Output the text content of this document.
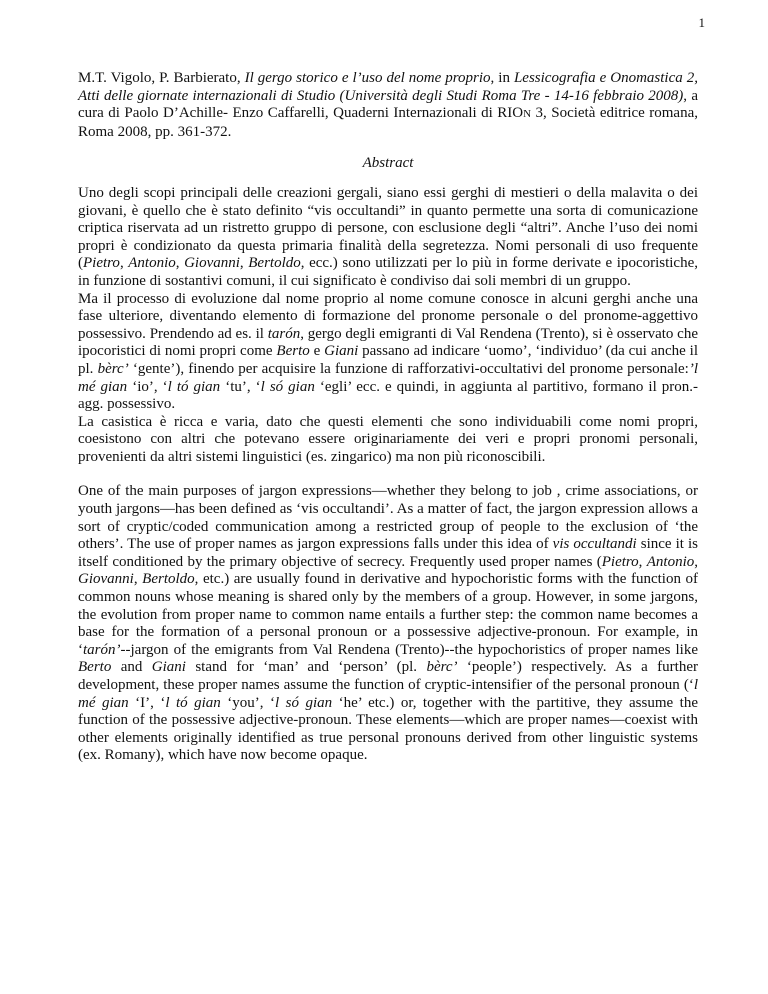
1

M.T. Vigolo, P. Barbierato, Il gergo storico e l’uso del nome proprio, in Lessicografia e Onomastica 2, Atti delle giornate internazionali di Studio (Università degli Studi Roma Tre - 14-16 febbraio 2008), a cura di Paolo D’Achille- Enzo Caffarelli, Quaderni Internazionali di RION 3, Società editrice romana, Roma 2008, pp. 361-372.

Abstract

Uno degli scopi principali delle creazioni gergali, siano essi gerghi di mestieri o della malavita o dei giovani, è quello che è stato definito “vis occultandi” in quanto permette una sorta di comunicazione criptica riservata ad un ristretto gruppo di persone, con esclusione degli “altri”. Anche l’uso dei nomi propri è condizionato da questa primaria finalità della segretezza. Nomi personali di uso frequente (Pietro, Antonio, Giovanni, Bertoldo, ecc.) sono utilizzati per lo più in forme derivate e ipocoristiche, in funzione di sostantivi comuni, il cui significato è condiviso dai soli membri di un gruppo.

Ma il processo di evoluzione dal nome proprio al nome comune conosce in alcuni gerghi anche una fase ulteriore, diventando elemento di formazione del pronome personale o del pronome-aggettivo possessivo. Prendendo ad es. il tarón, gergo degli emigranti di Val Rendena (Trento), si è osservato che ipocoristici di nomi propri come Berto e Giani passano ad indicare ‘uomo’, ‘individuo’ (da cui anche il pl. bèrc’ ‘gente’), finendo per acquisire la funzione di rafforzativi-occultativi del pronome personale:’l mé gian ‘io’, ‘l tó gian ‘tu’, ‘l só gian ‘egli’ ecc. e quindi, in aggiunta al partitivo, formano il pron.-agg. possessivo.

La casistica è ricca e varia, dato che questi elementi che sono individuabili come nomi propri, coesistono con altri che potevano essere originariamente dei veri e propri pronomi personali, provenienti da altri sistemi linguistici (es. zingarico) ma non più riconoscibili.

One of the main purposes of jargon expressions—whether they belong to job , crime associations, or youth jargons—has been defined as ‘vis occultandi’. As a matter of fact, the jargon expression allows a sort of cryptic/coded communication among a restricted group of people to the exclusion of ‘the others’. The use of proper names as jargon expressions falls under this idea of vis occultandi since it is itself conditioned by the primary objective of secrecy. Frequently used proper names (Pietro, Antonio, Giovanni, Bertoldo, etc.) are usually found in derivative and hypochoristic forms with the function of common nouns whose meaning is shared only by the members of a group. However, in some jargons, the evolution from proper name to common name entails a further step: the common name becomes a base for the formation of a personal pronoun or a possessive adjective-pronoun. For example, in ‘tarón’--jargon of the emigrants from Val Rendena (Trento)--the hypochoristics of proper names like Berto and Giani stand for ‘man’ and ‘person’ (pl. bèrc’ ‘people’) respectively. As a further development, these proper names assume the function of cryptic-intensifier of the personal pronoun (‘l mé gian ‘I’, ‘l tó gian ‘you’, ‘l só gian ‘he’ etc.) or, together with the partitive, they assume the function of the possessive adjective-pronoun. These elements—which are proper names—coexist with other elements originally identified as true personal pronouns derived from other linguistic systems (ex. Romany), which have now become opaque.
